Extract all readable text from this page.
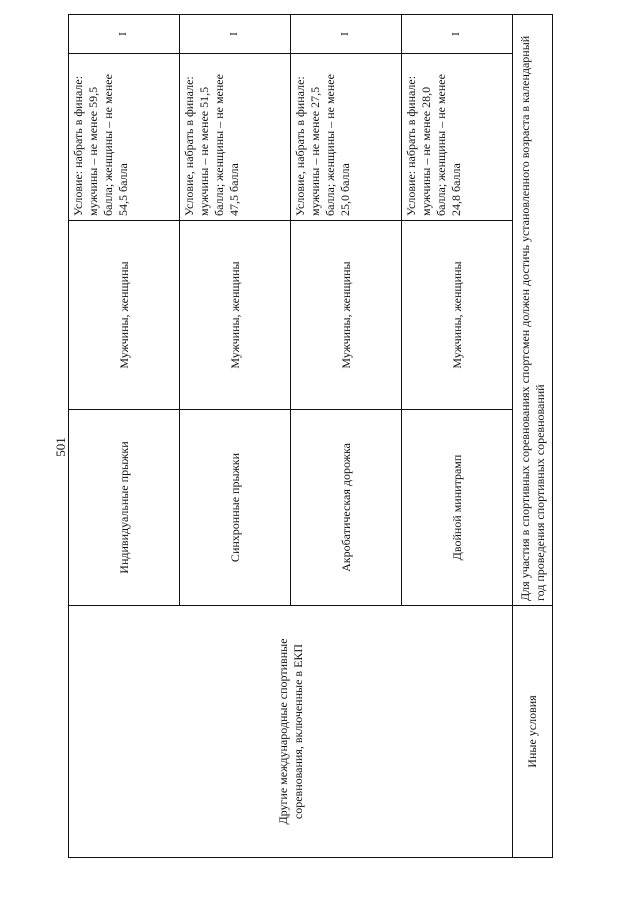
501
Другие международные спортивные соревнования, включенные в ЕКП	Индивидуальные прыжки	Мужчины, женщины	Условие: набрать в финале: мужчины – не менее 59,5 балла; женщины – не менее 54,5 балла	I
	Синхронные прыжки	Мужчины, женщины	Условие, набрать в финале: мужчины – не менее 51,5 балла; женщины – не менее 47,5 балла	I
	Акробатическая дорожка	Мужчины, женщины	Условие, набрать в финале: мужчины – не менее 27,5 балла; женщины – не менее 25,0 балла	I
	Двойной минитрамп	Мужчины, женщины	Условие: набрать в финале: мужчины – не менее 28,0 балла; женщины – не менее 24,8 балла	I
Иные условия	Для участия в спортивных соревнованиях спортсмен должен достичь установленного возраста в календарный год проведения спортивных соревнований			
